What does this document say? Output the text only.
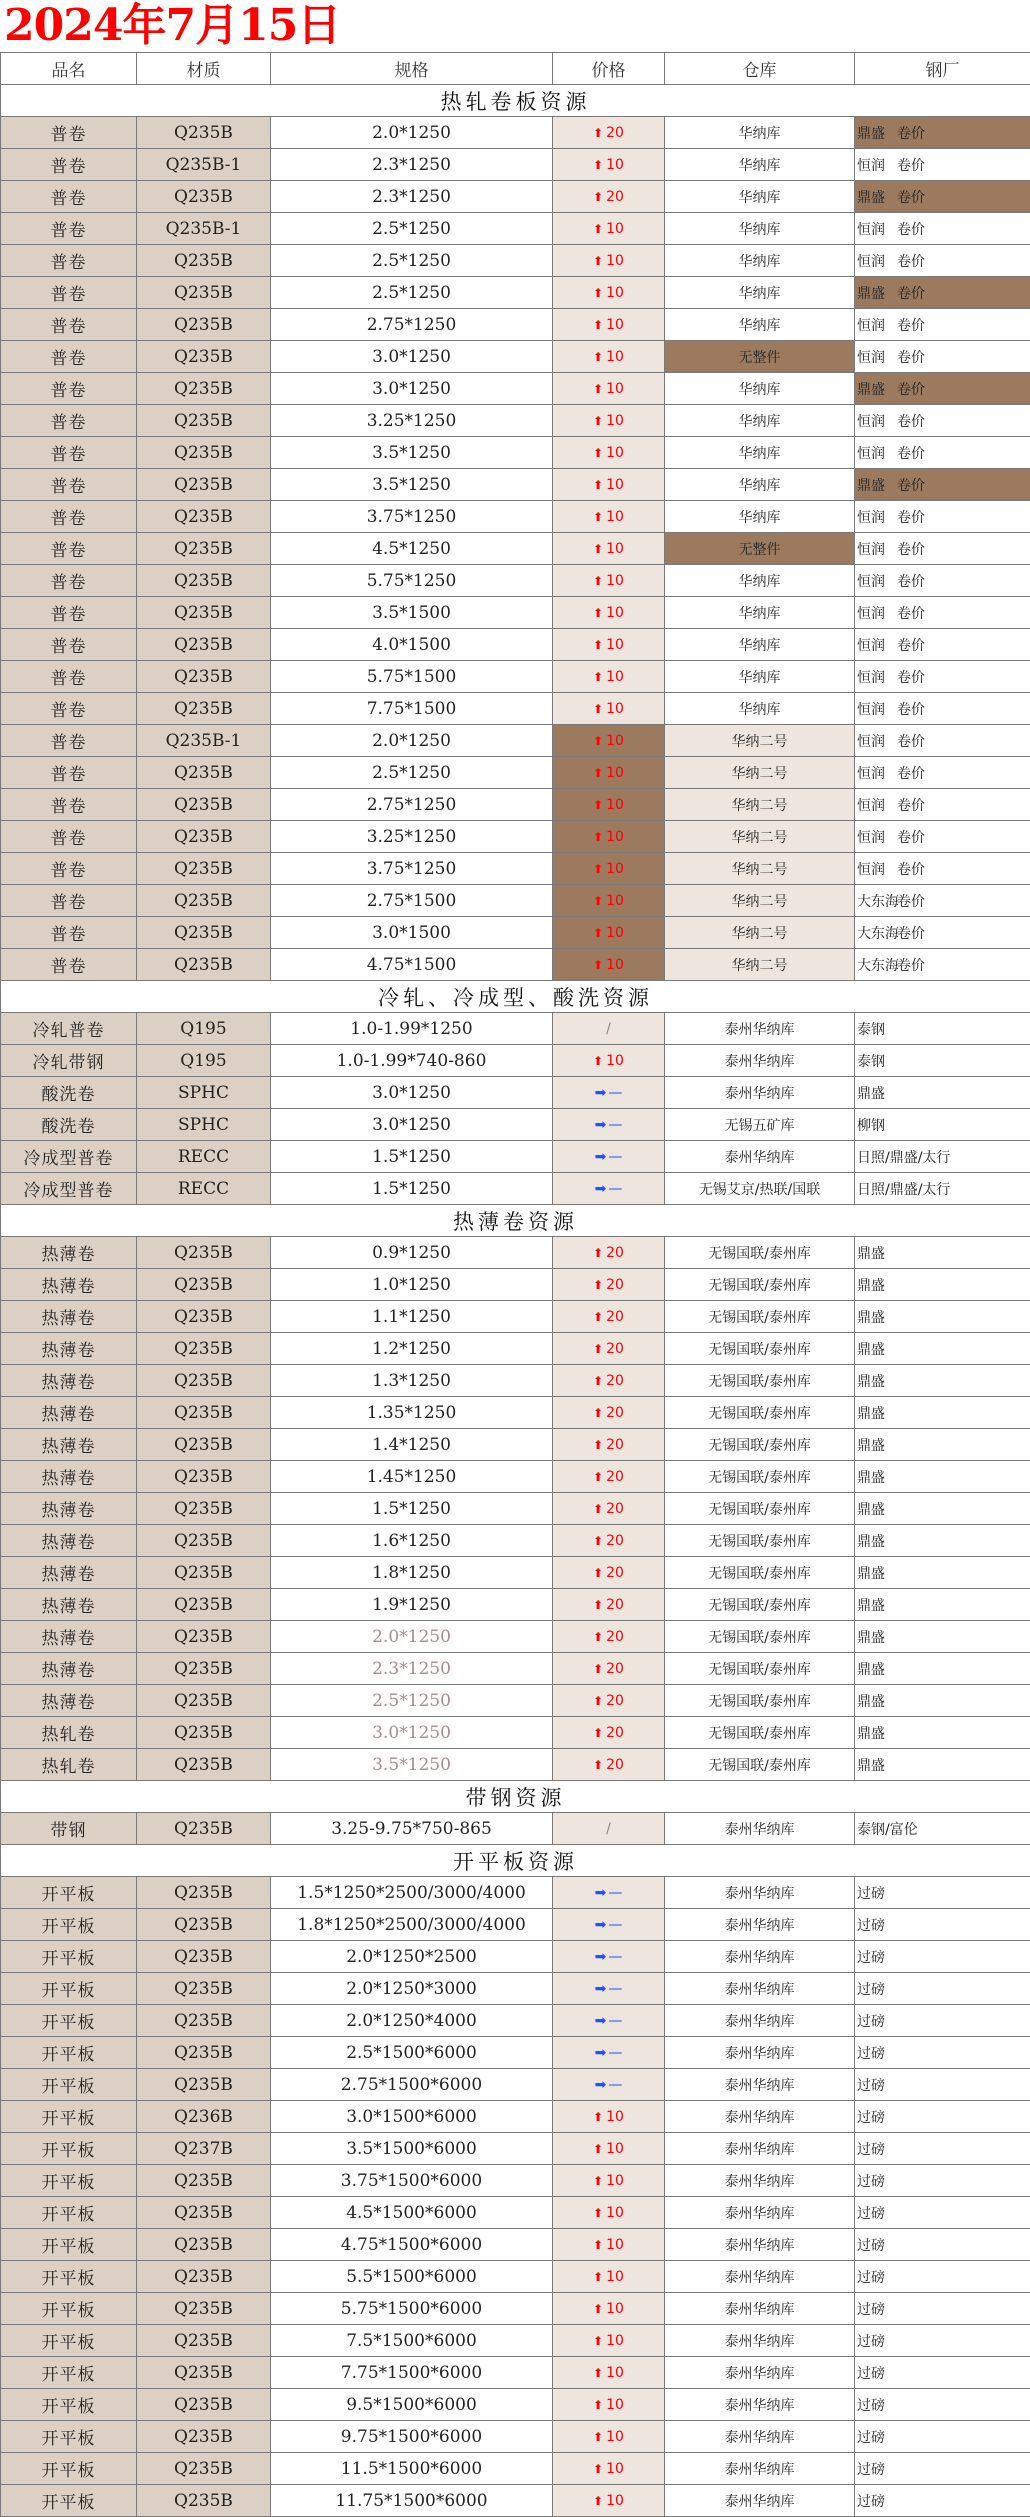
2024年7月15日
品名	材质	规格	价格	仓库	钢厂
热轧卷板资源					
普卷	Q235B	2.0*1250	⬆ 20	华纳库	鼎盛 卷价
普卷	Q235B-1	2.3*1250	⬆ 10	华纳库	恒润 卷价
普卷	Q235B	2.3*1250	⬆ 20	华纳库	鼎盛 卷价
普卷	Q235B-1	2.5*1250	⬆ 10	华纳库	恒润 卷价
普卷	Q235B	2.5*1250	⬆ 10	华纳库	恒润 卷价
普卷	Q235B	2.5*1250	⬆ 10	华纳库	鼎盛 卷价
普卷	Q235B	2.75*1250	⬆ 10	华纳库	恒润 卷价
普卷	Q235B	3.0*1250	⬆ 10	无整件	恒润 卷价
普卷	Q235B	3.0*1250	⬆ 10	华纳库	鼎盛 卷价
普卷	Q235B	3.25*1250	⬆ 10	华纳库	恒润 卷价
普卷	Q235B	3.5*1250	⬆ 10	华纳库	恒润 卷价
普卷	Q235B	3.5*1250	⬆ 10	华纳库	鼎盛 卷价
普卷	Q235B	3.75*1250	⬆ 10	华纳库	恒润 卷价
普卷	Q235B	4.5*1250	⬆ 10	无整件	恒润 卷价
普卷	Q235B	5.75*1250	⬆ 10	华纳库	恒润 卷价
普卷	Q235B	3.5*1500	⬆ 10	华纳库	恒润 卷价
普卷	Q235B	4.0*1500	⬆ 10	华纳库	恒润 卷价
普卷	Q235B	5.75*1500	⬆ 10	华纳库	恒润 卷价
普卷	Q235B	7.75*1500	⬆ 10	华纳库	恒润 卷价
普卷	Q235B-1	2.0*1250	⬆ 10	华纳二号	恒润 卷价
普卷	Q235B	2.5*1250	⬆ 10	华纳二号	恒润 卷价
普卷	Q235B	2.75*1250	⬆ 10	华纳二号	恒润 卷价
普卷	Q235B	3.25*1250	⬆ 10	华纳二号	恒润 卷价
普卷	Q235B	3.75*1250	⬆ 10	华纳二号	恒润 卷价
普卷	Q235B	2.75*1500	⬆ 10	华纳二号	大东海卷价
普卷	Q235B	3.0*1500	⬆ 10	华纳二号	大东海卷价
普卷	Q235B	4.75*1500	⬆ 10	华纳二号	大东海卷价
冷轧、冷成型、酸洗资源					
冷轧普卷	Q195	1.0-1.99*1250	/	泰州华纳库	泰钢
冷轧带钢	Q195	1.0-1.99*740-860	⬆ 10	泰州华纳库	泰钢
酸洗卷	SPHC	3.0*1250	➡ —	泰州华纳库	鼎盛
酸洗卷	SPHC	3.0*1250	➡ —	无锡五矿库	柳钢
冷成型普卷	RECC	1.5*1250	➡ —	泰州华纳库	日照/鼎盛/太行
冷成型普卷	RECC	1.5*1250	➡ —	无锡艾京/热联/国联	日照/鼎盛/太行
热薄卷资源					
热薄卷	Q235B	0.9*1250	⬆ 20	无锡国联/泰州库	鼎盛
热薄卷	Q235B	1.0*1250	⬆ 20	无锡国联/泰州库	鼎盛
热薄卷	Q235B	1.1*1250	⬆ 20	无锡国联/泰州库	鼎盛
热薄卷	Q235B	1.2*1250	⬆ 20	无锡国联/泰州库	鼎盛
热薄卷	Q235B	1.3*1250	⬆ 20	无锡国联/泰州库	鼎盛
热薄卷	Q235B	1.35*1250	⬆ 20	无锡国联/泰州库	鼎盛
热薄卷	Q235B	1.4*1250	⬆ 20	无锡国联/泰州库	鼎盛
热薄卷	Q235B	1.45*1250	⬆ 20	无锡国联/泰州库	鼎盛
热薄卷	Q235B	1.5*1250	⬆ 20	无锡国联/泰州库	鼎盛
热薄卷	Q235B	1.6*1250	⬆ 20	无锡国联/泰州库	鼎盛
热薄卷	Q235B	1.8*1250	⬆ 20	无锡国联/泰州库	鼎盛
热薄卷	Q235B	1.9*1250	⬆ 20	无锡国联/泰州库	鼎盛
热薄卷	Q235B	2.0*1250	⬆ 20	无锡国联/泰州库	鼎盛
热薄卷	Q235B	2.3*1250	⬆ 20	无锡国联/泰州库	鼎盛
热薄卷	Q235B	2.5*1250	⬆ 20	无锡国联/泰州库	鼎盛
热轧卷	Q235B	3.0*1250	⬆ 20	无锡国联/泰州库	鼎盛
热轧卷	Q235B	3.5*1250	⬆ 20	无锡国联/泰州库	鼎盛
带钢资源					
带钢	Q235B	3.25-9.75*750-865	/	泰州华纳库	泰钢/富伦
开平板资源					
开平板	Q235B	1.5*1250*2500/3000/4000	➡ —	泰州华纳库	过磅
开平板	Q235B	1.8*1250*2500/3000/4000	➡ —	泰州华纳库	过磅
开平板	Q235B	2.0*1250*2500	➡ —	泰州华纳库	过磅
开平板	Q235B	2.0*1250*3000	➡ —	泰州华纳库	过磅
开平板	Q235B	2.0*1250*4000	➡ —	泰州华纳库	过磅
开平板	Q235B	2.5*1500*6000	➡ —	泰州华纳库	过磅
开平板	Q235B	2.75*1500*6000	➡ —	泰州华纳库	过磅
开平板	Q236B	3.0*1500*6000	⬆ 10	泰州华纳库	过磅
开平板	Q237B	3.5*1500*6000	⬆ 10	泰州华纳库	过磅
开平板	Q235B	3.75*1500*6000	⬆ 10	泰州华纳库	过磅
开平板	Q235B	4.5*1500*6000	⬆ 10	泰州华纳库	过磅
开平板	Q235B	4.75*1500*6000	⬆ 10	泰州华纳库	过磅
开平板	Q235B	5.5*1500*6000	⬆ 10	泰州华纳库	过磅
开平板	Q235B	5.75*1500*6000	⬆ 10	泰州华纳库	过磅
开平板	Q235B	7.5*1500*6000	⬆ 10	泰州华纳库	过磅
开平板	Q235B	7.75*1500*6000	⬆ 10	泰州华纳库	过磅
开平板	Q235B	9.5*1500*6000	⬆ 10	泰州华纳库	过磅
开平板	Q235B	9.75*1500*6000	⬆ 10	泰州华纳库	过磅
开平板	Q235B	11.5*1500*6000	⬆ 10	泰州华纳库	过磅
开平板	Q235B	11.75*1500*6000	⬆ 10	泰州华纳库	过磅
